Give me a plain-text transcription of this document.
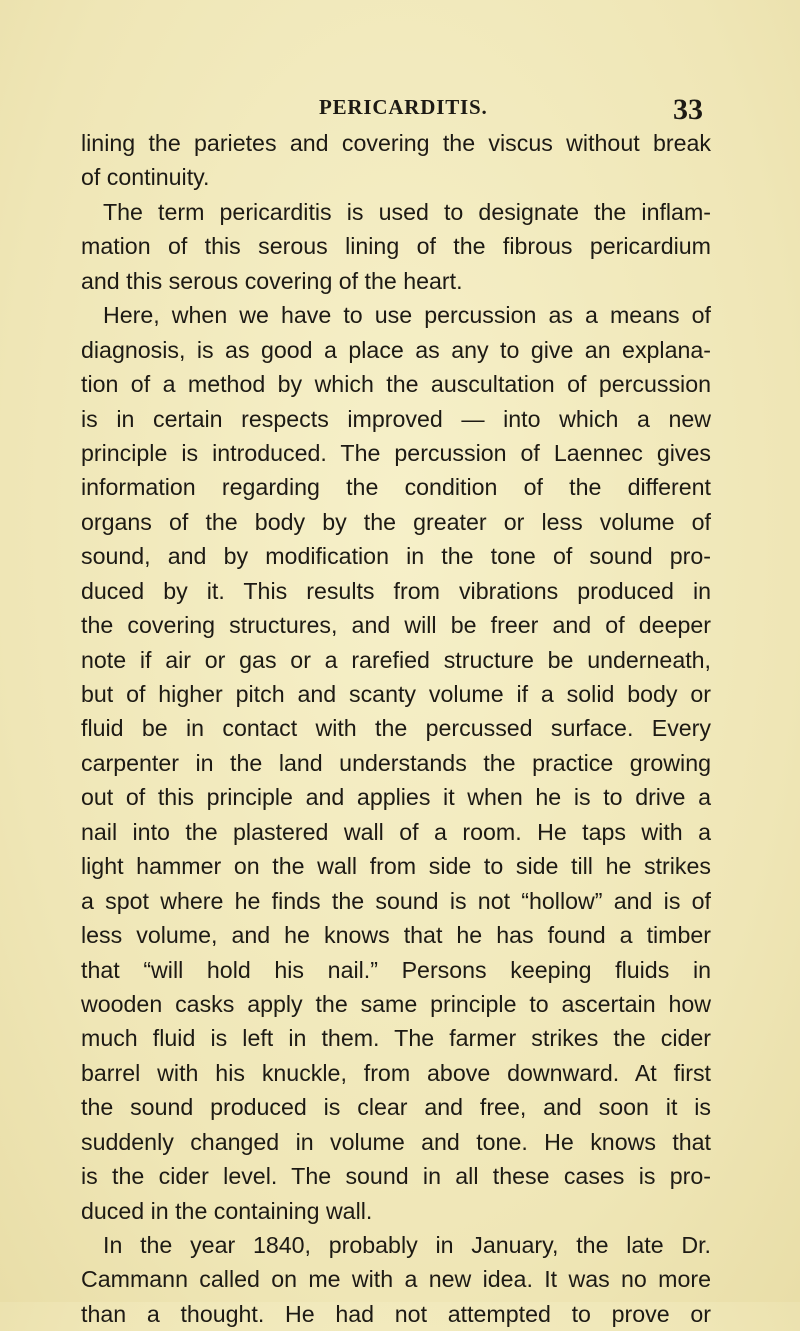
PERICARDITIS.	33
lining the parietes and covering the viscus without break
of continuity.
The term pericarditis is used to designate the inflam-
mation of this serous lining of the fibrous pericardium
and this serous covering of the heart.
Here, when we have to use percussion as a means of
diagnosis, is as good a place as any to give an explana-
tion of a method by which the auscultation of percussion
is in certain respects improved — into which a new
principle is introduced. The percussion of Laennec gives
information regarding the condition of the different
organs of the body by the greater or less volume of
sound, and by modification in the tone of sound pro-
duced by it. This results from vibrations produced in
the covering structures, and will be freer and of deeper
note if air or gas or a rarefied structure be underneath,
but of higher pitch and scanty volume if a solid body or
fluid be in contact with the percussed surface. Every
carpenter in the land understands the practice growing
out of this principle and applies it when he is to drive a
nail into the plastered wall of a room. He taps with a
light hammer on the wall from side to side till he strikes
a spot where he finds the sound is not “hollow” and is of
less volume, and he knows that he has found a timber
that “will hold his nail.” Persons keeping fluids in
wooden casks apply the same principle to ascertain how
much fluid is left in them. The farmer strikes the cider
barrel with his knuckle, from above downward. At first
the sound produced is clear and free, and soon it is
suddenly changed in volume and tone. He knows that
is the cider level. The sound in all these cases is pro-
duced in the containing wall.
In the year 1840, probably in January, the late Dr.
Cammann called on me with a new idea. It was no more
than a thought. He had not attempted to prove or
